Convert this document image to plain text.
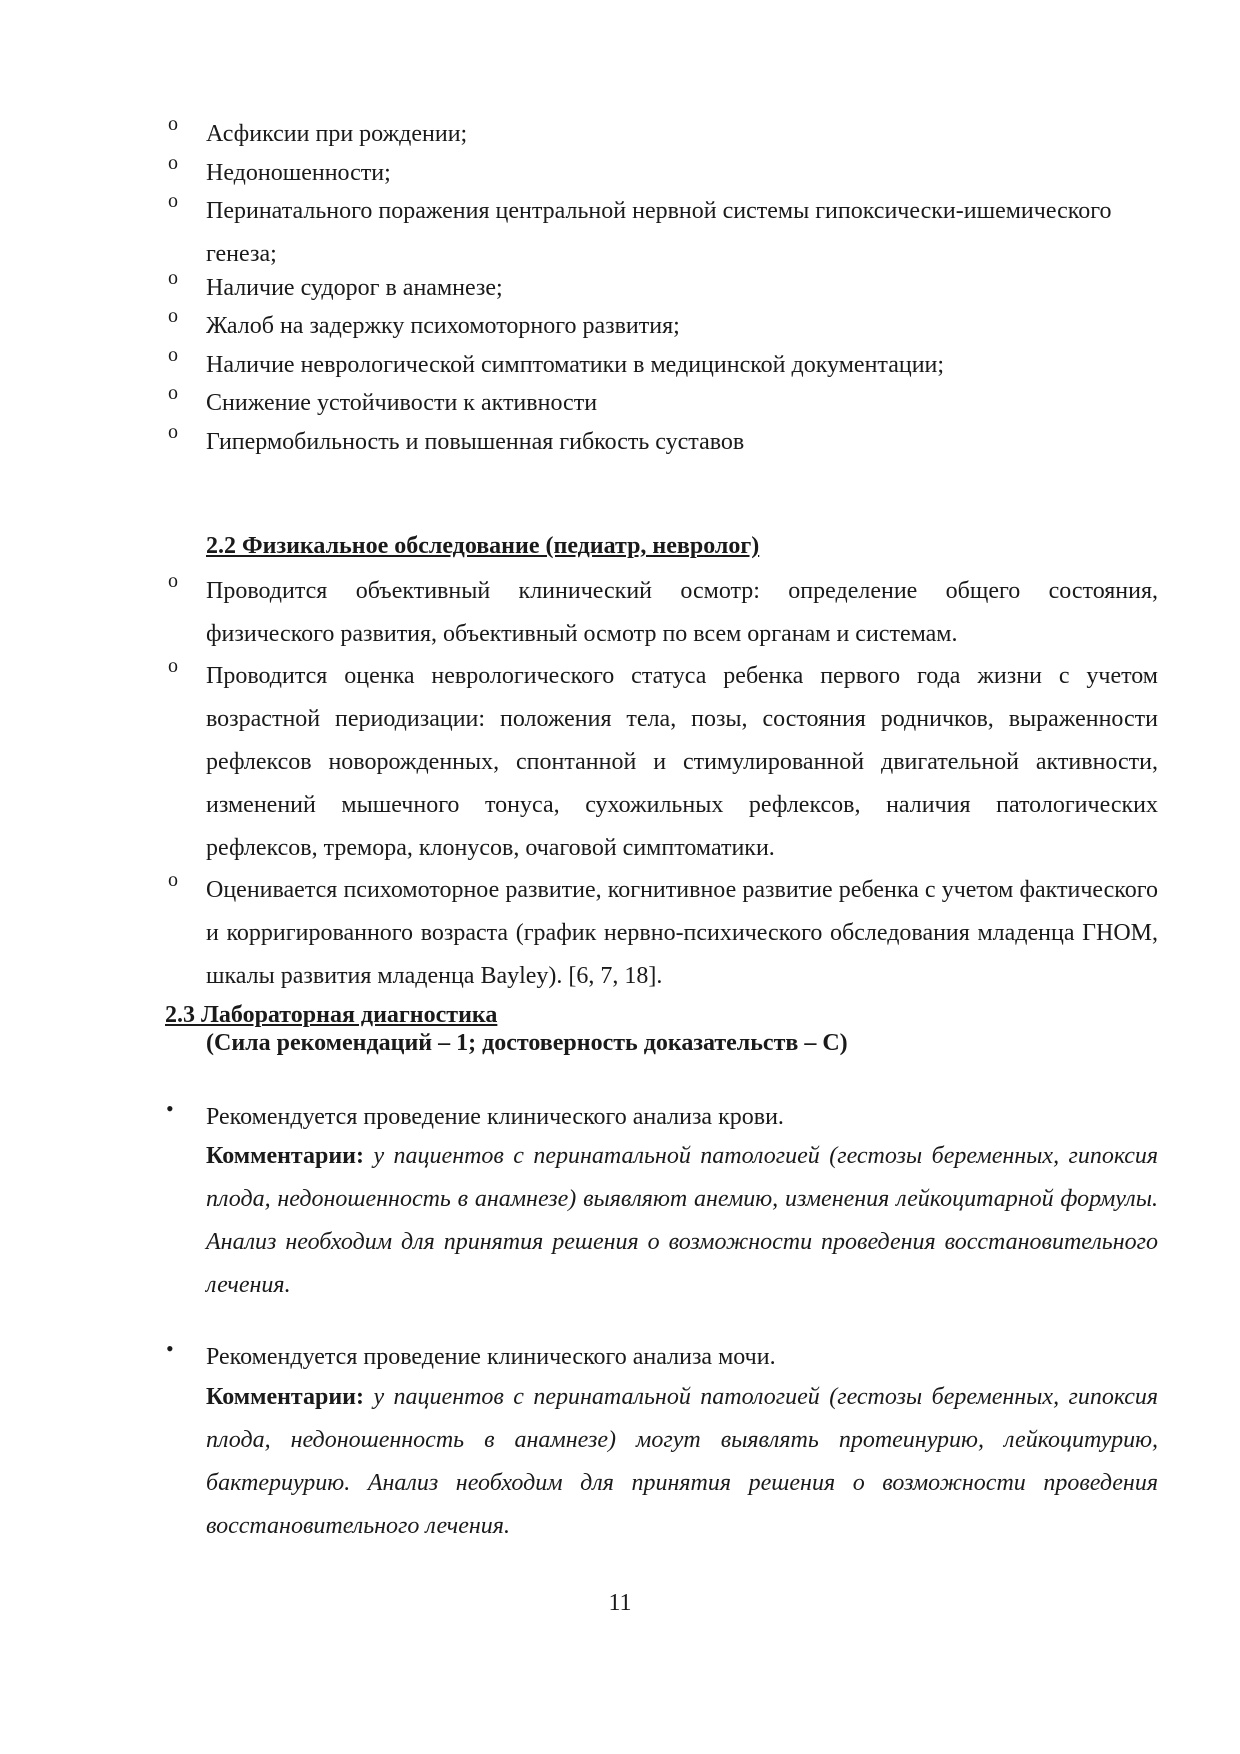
o	Асфиксии при рождении;
o	Недоношенности;
o	Перинатального поражения центральной нервной системы гипоксически-ишемического генеза;
o	Наличие судорог в анамнезе;
o	Жалоб на задержку психомоторного развития;
o	Наличие неврологической симптоматики в медицинской документации;
o	Снижение устойчивости к активности
o	Гипермобильность и повышенная гибкость суставов
2.2 Физикальное обследование (педиатр, невролог)
o	Проводится объективный клинический осмотр: определение общего состояния, физического развития, объективный осмотр по всем органам и системам.
o	Проводится оценка неврологического статуса ребенка первого года жизни с учетом возрастной периодизации: положения тела, позы, состояния родничков, выраженности рефлексов новорожденных, спонтанной и стимулированной двигательной активности, изменений мышечного тонуса, сухожильных рефлексов, наличия патологических рефлексов, тремора, клонусов, очаговой симптоматики.
o	Оценивается психомоторное развитие, когнитивное развитие ребенка с учетом фактического и корригированного возраста (график нервно-психического обследования младенца ГНОМ, шкалы развития младенца Bayley). [6, 7, 18].
2.3 Лабораторная диагностика
(Сила рекомендаций – 1; достоверность доказательств – С)
•	Рекомендуется проведение клинического анализа крови.
Комментарии: у пациентов с перинатальной патологией (гестозы беременных, гипоксия плода, недоношенность в анамнезе) выявляют анемию, изменения лейкоцитарной формулы. Анализ необходим для принятия решения о возможности проведения восстановительного лечения.
•	Рекомендуется проведение клинического анализа мочи.
Комментарии: у пациентов с перинатальной патологией (гестозы беременных, гипоксия плода, недоношенность в анамнезе) могут выявлять протеинурию, лейкоцитурию, бактериурию. Анализ необходим для принятия решения о возможности проведения восстановительного лечения.
11
